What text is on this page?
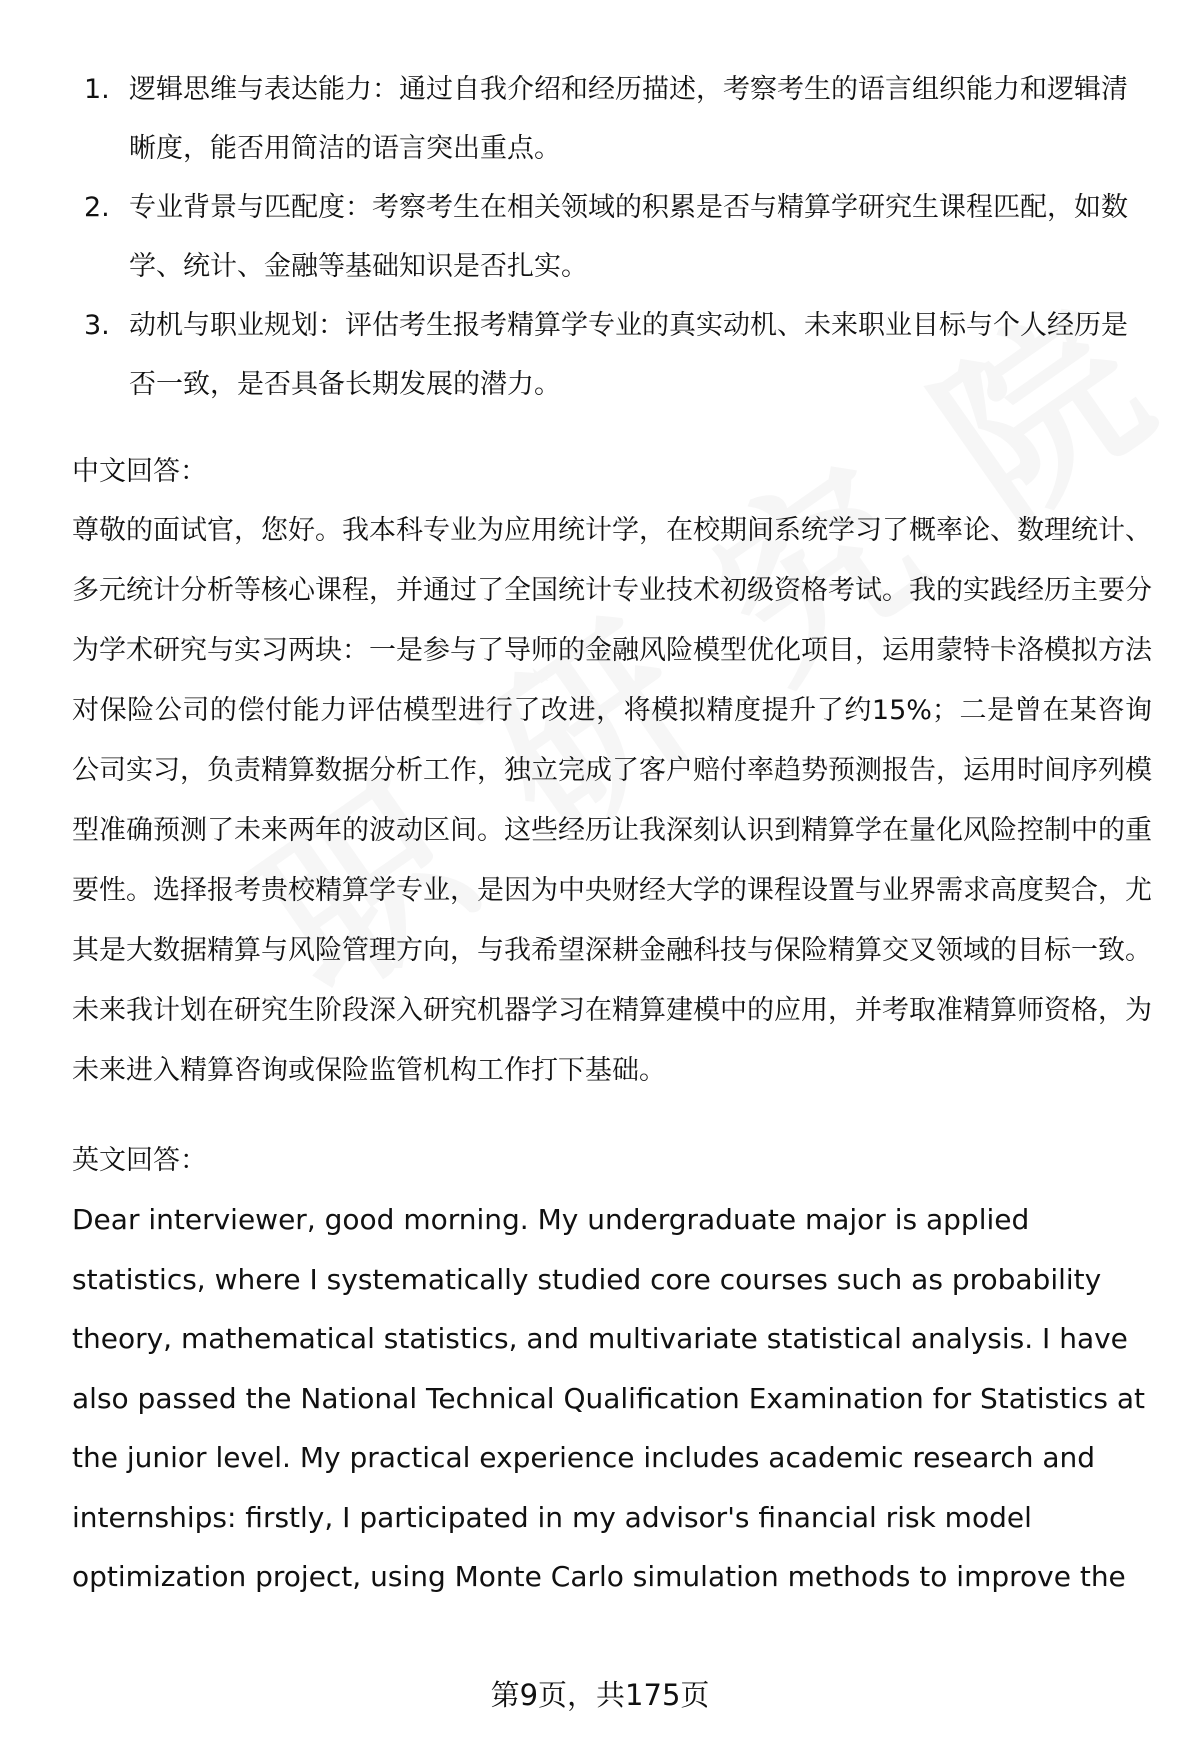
1. 逻辑思维与表达能力：通过自我介绍和经历描述，考察考生的语言组织能力和逻辑清晰度，能否用简洁的语言突出重点。
2. 专业背景与匹配度：考察考生在相关领域的积累是否与精算学研究生课程匹配，如数学、统计、金融等基础知识是否扎实。
3. 动机与职业规划：评估考生报考精算学专业的真实动机、未来职业目标与个人经历是否一致，是否具备长期发展的潜力。

中文回答：

尊敬的面试官，您好。我本科专业为应用统计学，在校期间系统学习了概率论、数理统计、多元统计分析等核心课程，并通过了全国统计专业技术初级资格考试。我的实践经历主要分为学术研究与实习两块：一是参与了导师的金融风险模型优化项目，运用蒙特卡洛模拟方法对保险公司的偿付能力评估模型进行了改进，将模拟精度提升了约15%；二是曾在某咨询公司实习，负责精算数据分析工作，独立完成了客户赔付率趋势预测报告，运用时间序列模型准确预测了未来两年的波动区间。这些经历让我深刻认识到精算学在量化风险控制中的重要性。选择报考贵校精算学专业，是因为中央财经大学的课程设置与业界需求高度契合，尤其是大数据精算与风险管理方向，与我希望深耕金融科技与保险精算交叉领域的目标一致。未来我计划在研究生阶段深入研究机器学习在精算建模中的应用，并考取准精算师资格，为未来进入精算咨询或保险监管机构工作打下基础。

英文回答：

Dear interviewer, good morning. My undergraduate major is applied statistics, where I systematically studied core courses such as probability theory, mathematical statistics, and multivariate statistical analysis. I have also passed the National Technical Qualification Examination for Statistics at the junior level. My practical experience includes academic research and internships: firstly, I participated in my advisor's financial risk model optimization project, using Monte Carlo simulation methods to improve the

第9页，共175页
